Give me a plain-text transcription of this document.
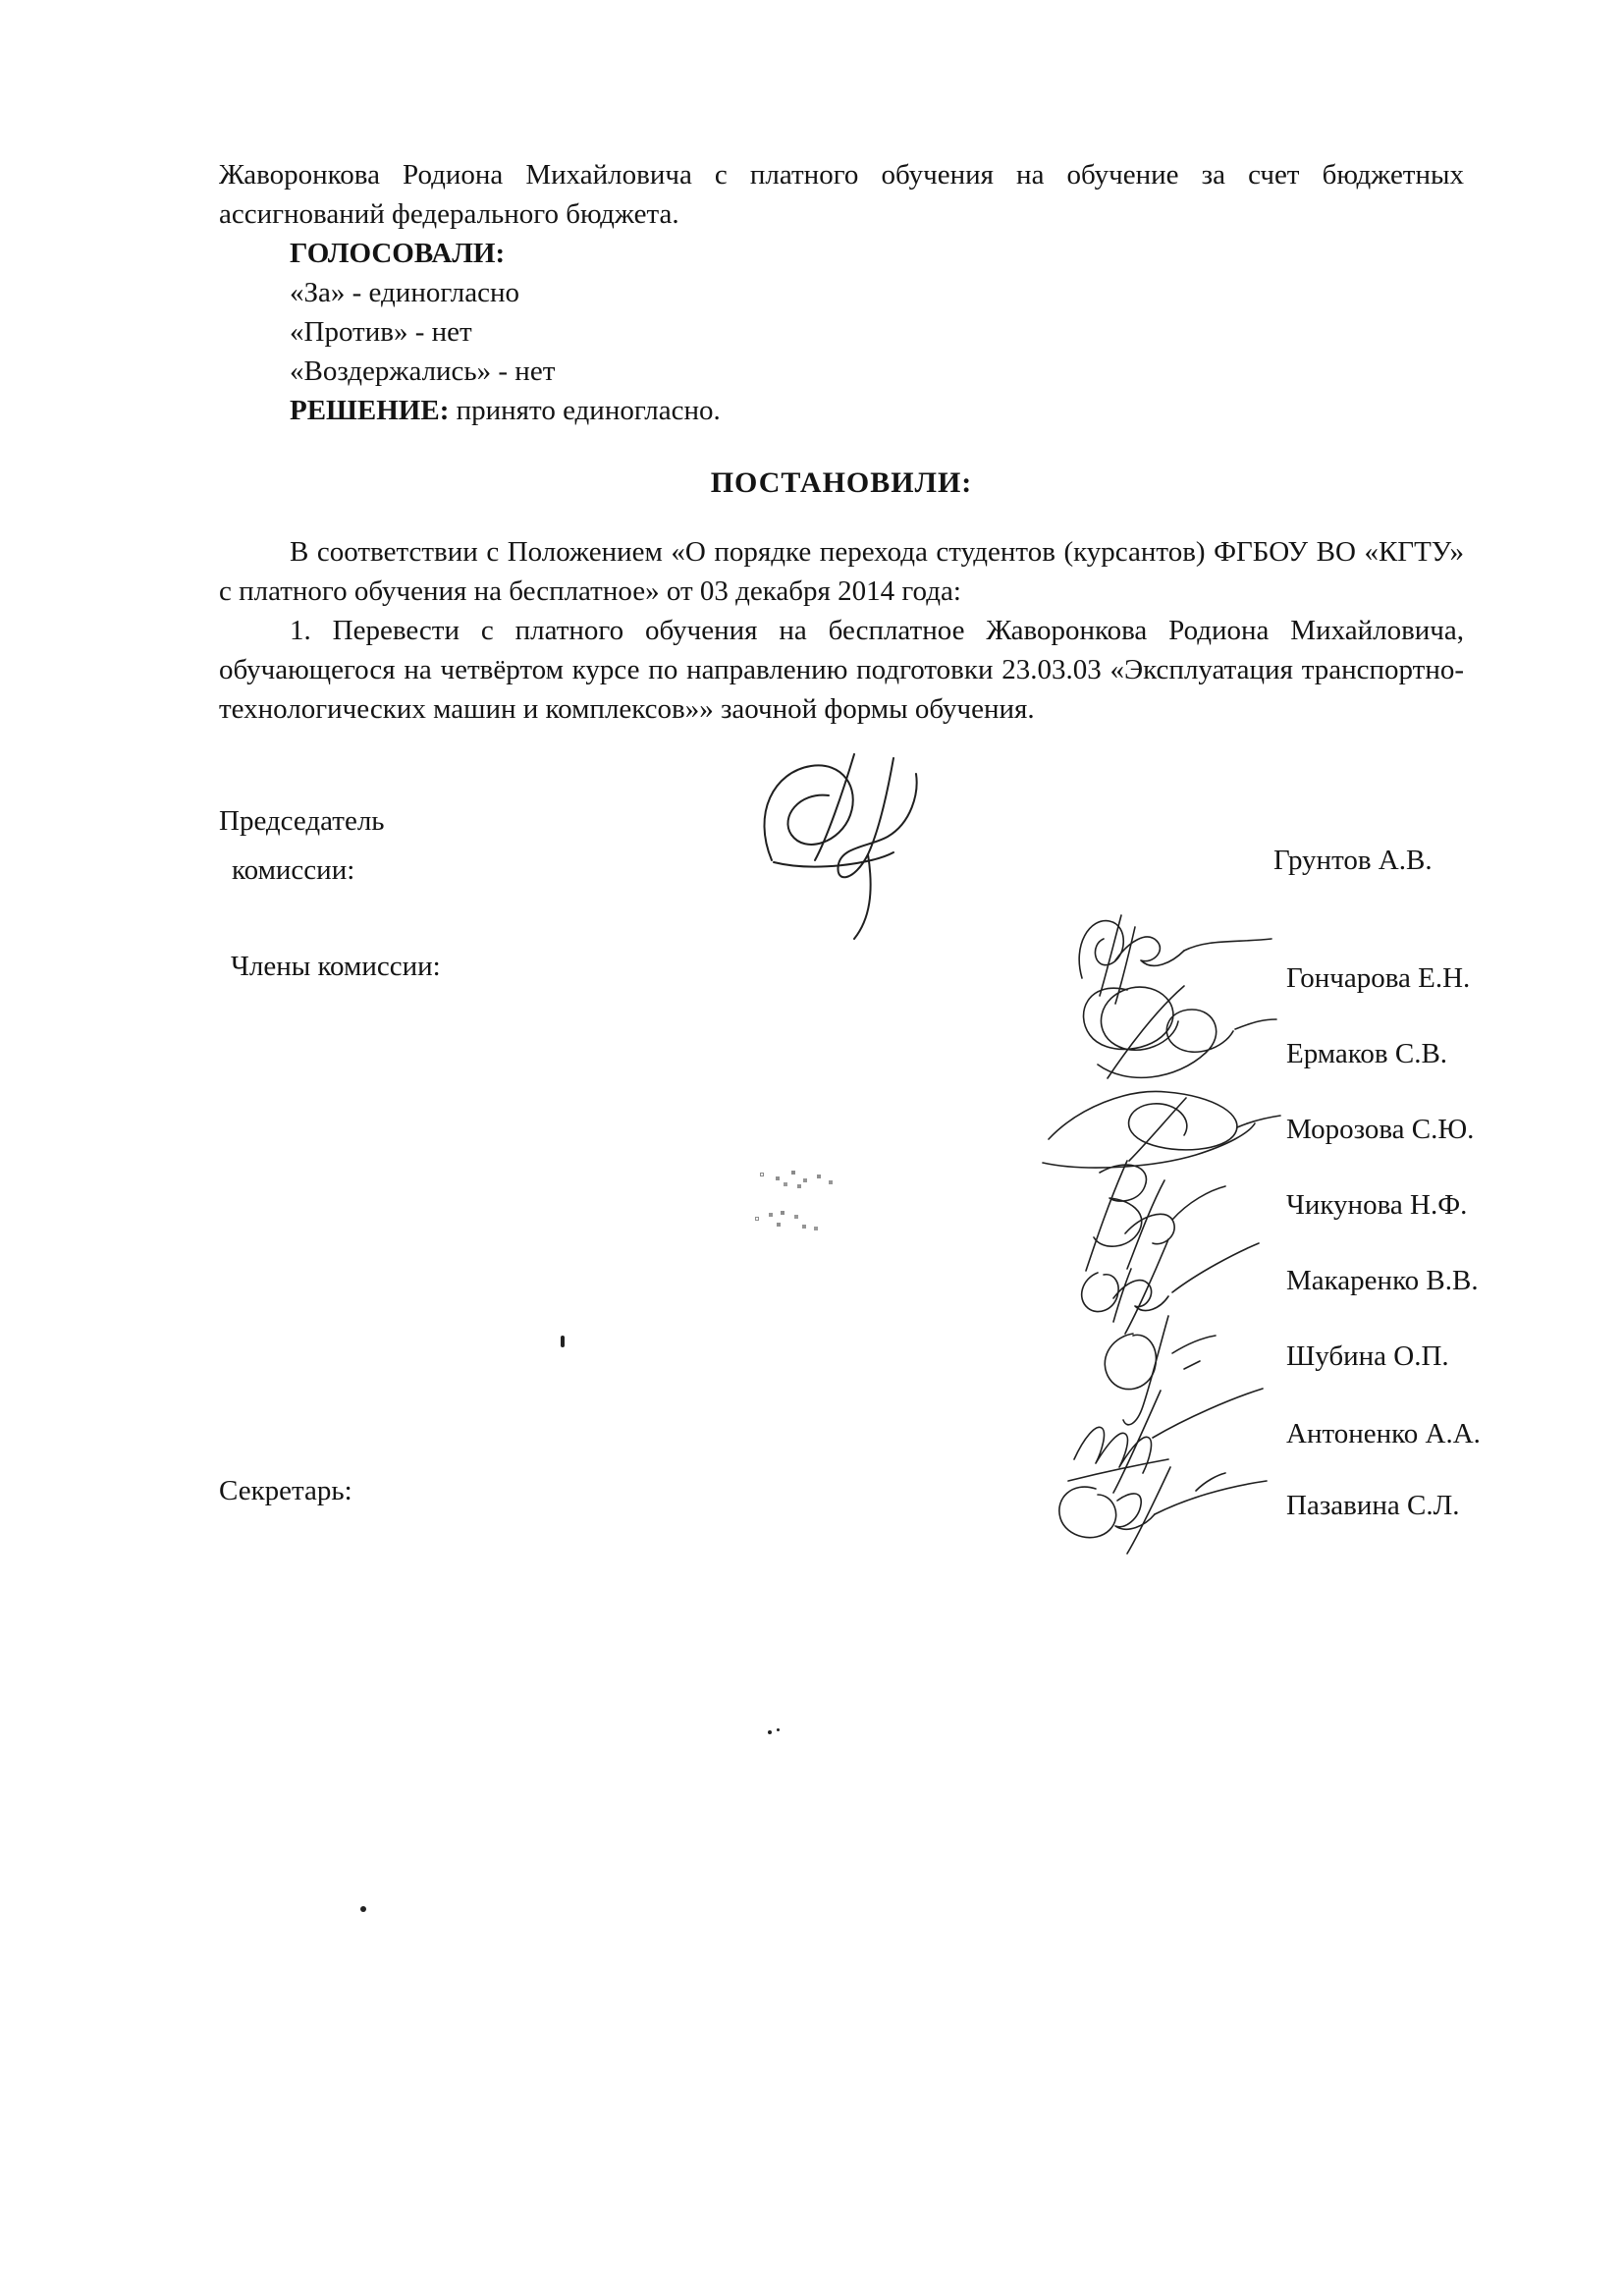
Жаворонкова Родиона Михайловича с платного обучения на обучение за счет бюджетных ассигнований федерального бюджета.

ГОЛОСОВАЛИ:

«За» - единогласно

«Против» - нет

«Воздержались» - нет

РЕШЕНИЕ: принято единогласно.

ПОСТАНОВИЛИ:

В соответствии с Положением «О порядке перехода студентов (курсантов) ФГБОУ ВО «КГТУ» с платного обучения на бесплатное» от 03 декабря 2014 года:

1. Перевести с платного обучения на бесплатное Жаворонкова Родиона Михайловича, обучающегося на четвёртом курсе по направлению подготовки 23.03.03 «Эксплуатация транспортно-технологических машин и комплексов»» заочной формы обучения.

Председатель
комиссии:
Члены комиссии:
Секретарь:
Грунтов А.В.
Гончарова Е.Н.
Ермаков С.В.
Морозова С.Ю.
Чикунова Н.Ф.
Макаренко В.В.
Шубина О.П.
Антоненко А.А.
Пазавина С.Л.
